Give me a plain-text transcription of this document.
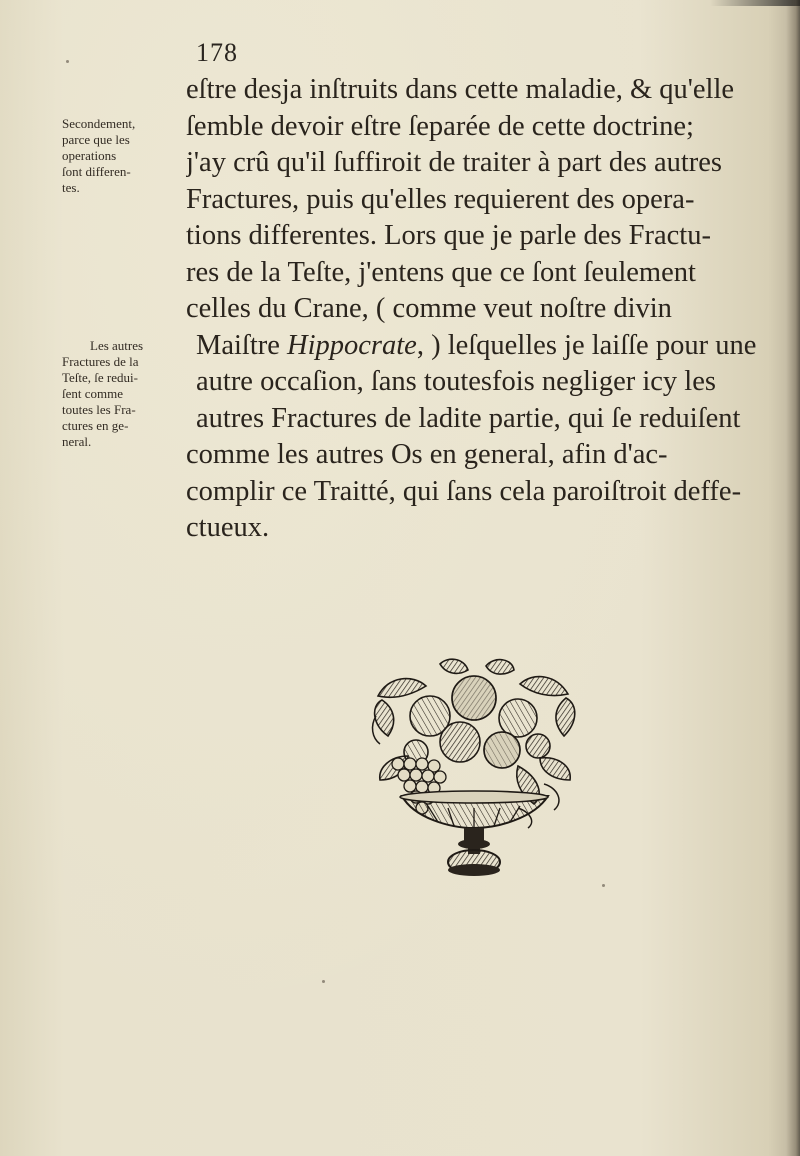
178
Secondement,
parce que les
operations
ſont differen-
tes.
Les autres
Fractures de la
Teſte, ſe redui-
ſent comme
toutes les Fra-
ctures en ge-
neral.
eſtre desja inſtruits dans cette maladie, & qu'elle
ſemble devoir eſtre ſeparée de cette doctrine;
j'ay crû qu'il ſuffiroit de traiter à part des autres
Fractures, puis qu'elles requierent des opera-
tions differentes. Lors que je parle des Fractu-
res de la Teſte, j'entens que ce ſont ſeulement
celles du Crane, ( comme veut noſtre divin
Maiſtre Hippocrate, ) leſquelles je laiſſe pour une
autre occaſion, ſans toutesfois negliger icy les
autres Fractures de ladite partie, qui ſe reduiſent
comme les autres Os en general, afin d'ac-
complir ce Traitté, qui ſans cela paroiſtroit deffe-
ctueux.
